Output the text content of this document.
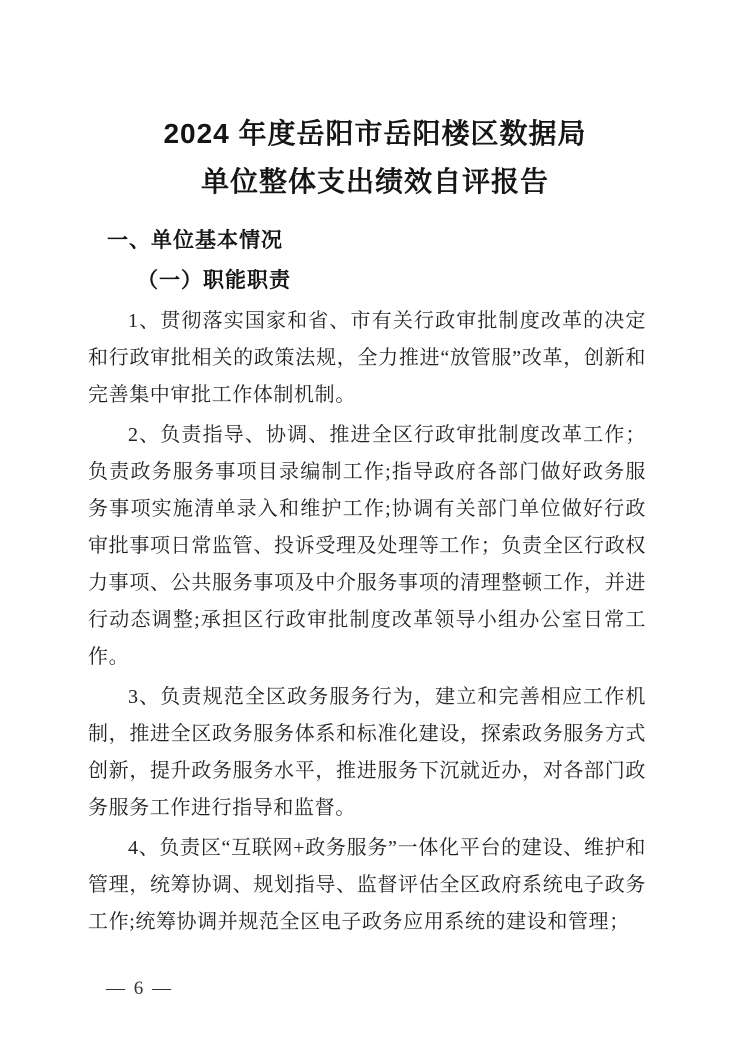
2024 年度岳阳市岳阳楼区数据局
单位整体支出绩效自评报告
一、单位基本情况
（一）职能职责

1、贯彻落实国家和省、市有关行政审批制度改革的决定和行政审批相关的政策法规，全力推进“放管服”改革，创新和完善集中审批工作体制机制。

2、负责指导、协调、推进全区行政审批制度改革工作；负责政务服务事项目录编制工作;指导政府各部门做好政务服务事项实施清单录入和维护工作;协调有关部门单位做好行政审批事项日常监管、投诉受理及处理等工作；负责全区行政权力事项、公共服务事项及中介服务事项的清理整顿工作，并进行动态调整;承担区行政审批制度改革领导小组办公室日常工作。

3、负责规范全区政务服务行为，建立和完善相应工作机制，推进全区政务服务体系和标准化建设，探索政务服务方式创新，提升政务服务水平，推进服务下沉就近办，对各部门政务服务工作进行指导和监督。

4、负责区“互联网+政务服务”一体化平台的建设、维护和管理，统筹协调、规划指导、监督评估全区政府系统电子政务工作;统筹协调并规范全区电子政务应用系统的建设和管理；

— 6 —
